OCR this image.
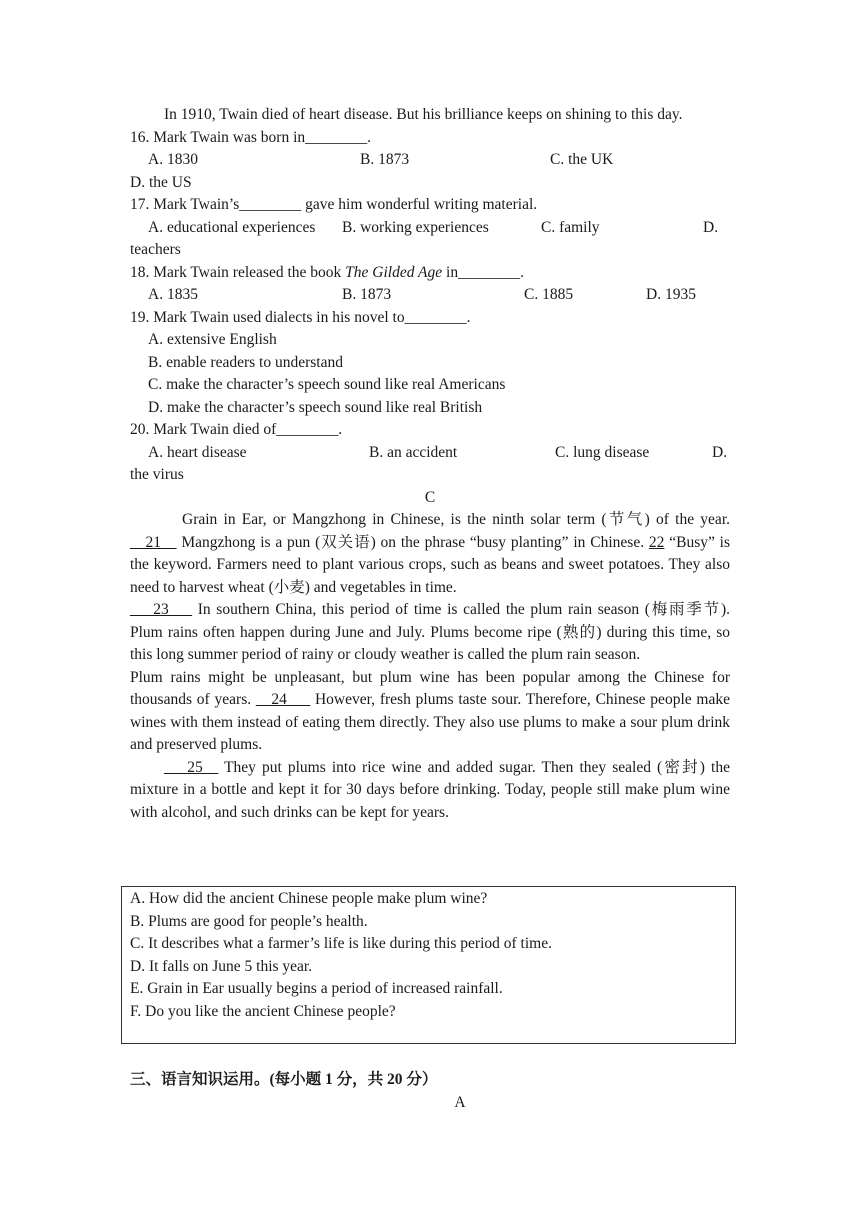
In 1910, Twain died of heart disease. But his brilliance keeps on shining to this day.

16. Mark Twain was born in________.

A. 1830	B. 1873	C. the UK

D. the US

17. Mark Twain’s________ gave him wonderful writing material.

A. educational experiences	B. working experiences	C. family	D.

teachers

18. Mark Twain released the book The Gilded Age in________.

A. 1835	B. 1873	C. 1885	D. 1935

19. Mark Twain used dialects in his novel to________.

A. extensive English

B. enable readers to understand

C. make the character’s speech sound like real Americans

D. make the character’s speech sound like real British

20. Mark Twain died of________.

A. heart disease	B. an accident	C. lung disease	D.

the virus

C

Grain in Ear, or Mangzhong in Chinese, is the ninth solar term (节气) of the year. __21__ Mangzhong is a pun (双关语) on the phrase “busy planting” in Chinese. 22 “Busy” is the keyword. Farmers need to plant various crops, such as beans and sweet potatoes. They also need to harvest wheat (小麦) and vegetables in time.

___23___ In southern China, this period of time is called the plum rain season (梅雨季节). Plum rains often happen during June and July. Plums become ripe (熟的) during this time, so this long summer period of rainy or cloudy weather is called the plum rain season.

Plum rains might be unpleasant, but plum wine has been popular among the Chinese for thousands of years. __24___ However, fresh plums taste sour. Therefore, Chinese people make wines with them instead of eating them directly. They also use plums to make a sour plum drink and preserved plums.

___25__ They put plums into rice wine and added sugar. Then they sealed (密封) the mixture in a bottle and kept it for 30 days before drinking. Today, people still make plum wine with alcohol, and such drinks can be kept for years.

A. How did the ancient Chinese people make plum wine?

B. Plums are good for people’s health.

C. It describes what a farmer’s life is like during this period of time.

D. It falls on June 5 this year.

E. Grain in Ear usually begins a period of increased rainfall.

F. Do you like the ancient Chinese people?

三、语言知识运用。(每小题 1 分，共 20 分）
A
